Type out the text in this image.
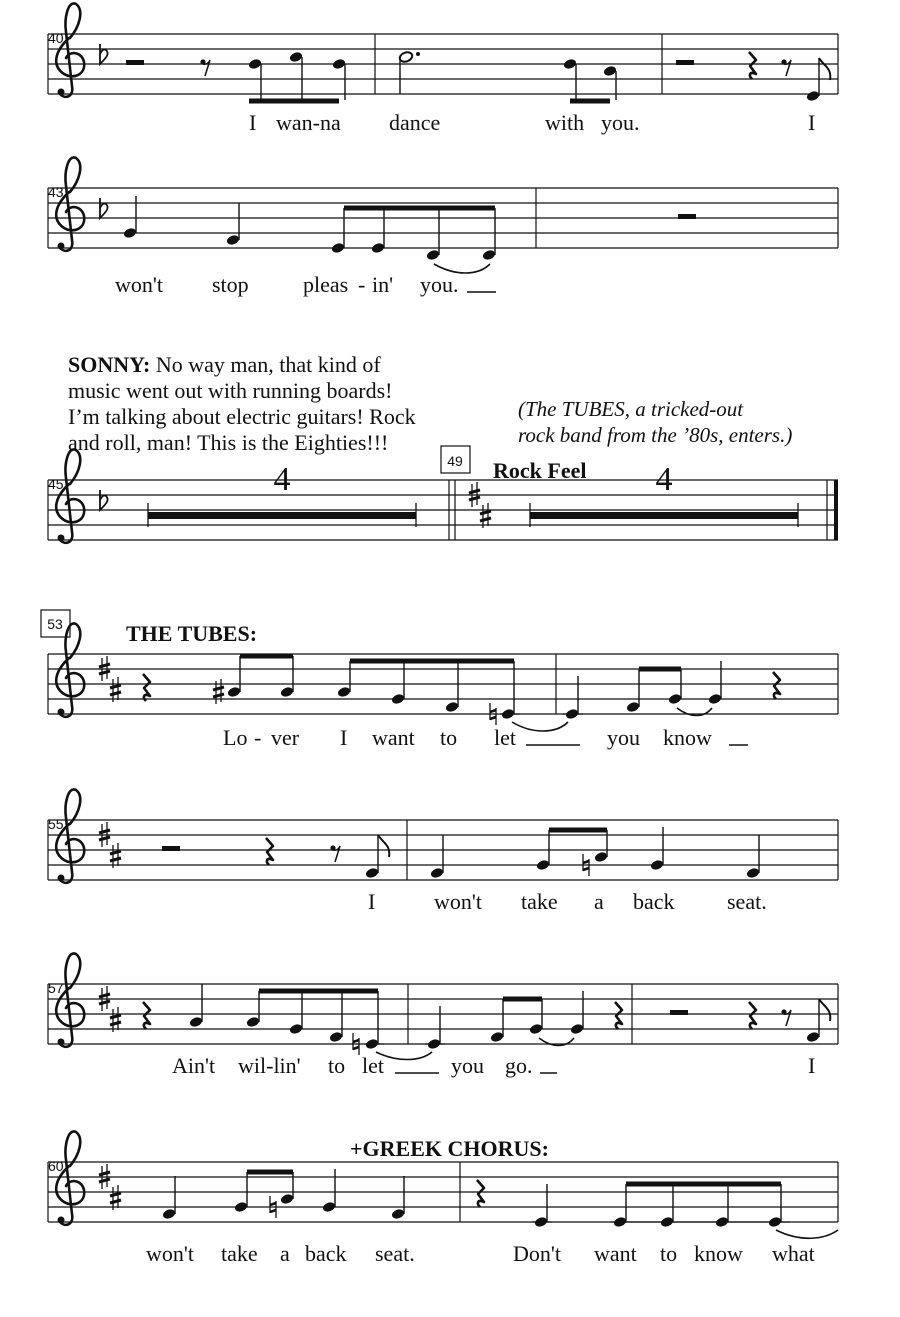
SONNY: No way man, that kind of
music went out with running boards!
I’m talking about electric guitars! Rock
and roll, man! This is the Eighties!!!
(The TUBES, a tricked-out
rock band from the ’80s, enters.)
40
I wan-na dance	with you.	I
43
won't stop pleas - in' you.
45	4	49 Rock Feel 4
53	THE TUBES:
Lo - ver I want to let	you know
55
I	won't take a back seat.
57
Ain't wil-lin' to let	you go.	I
60
+GREEK CHORUS:
won't take a back seat.	Don't want to know what
